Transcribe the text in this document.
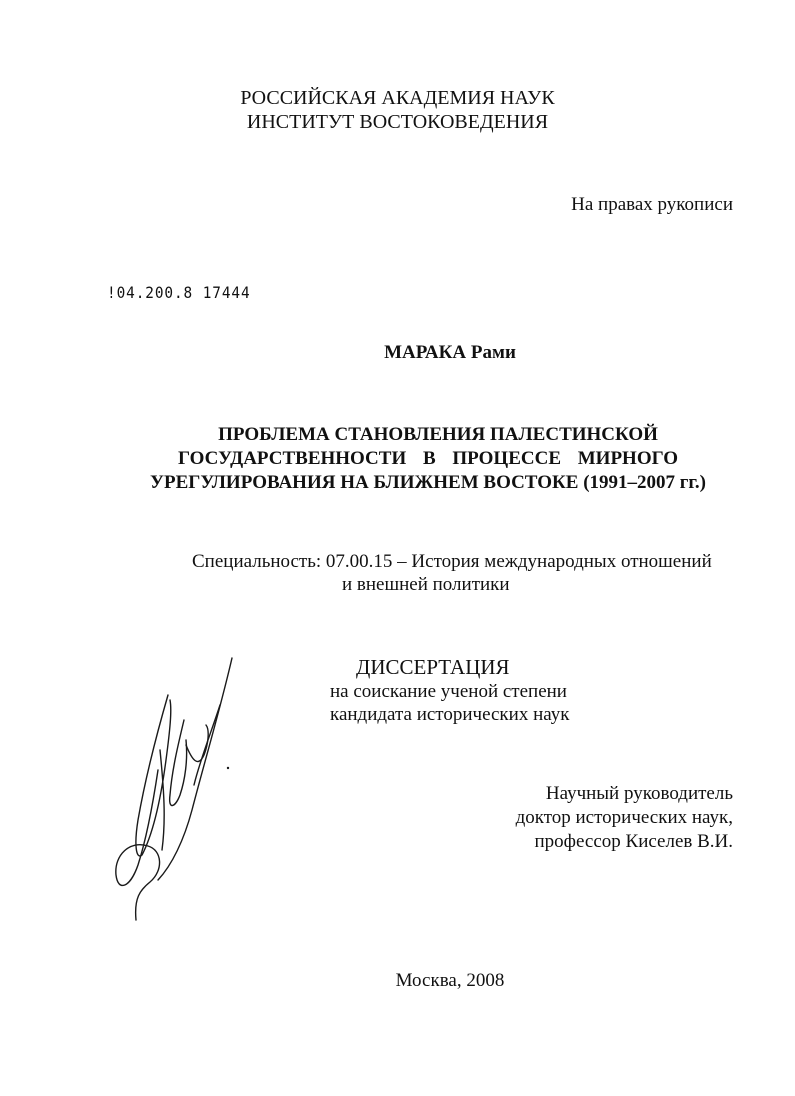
РОССИЙСКАЯ АКАДЕМИЯ НАУК
ИНСТИТУТ ВОСТОКОВЕДЕНИЯ
На правах рукописи
!04.200.8 17444
МАРАКА Рами
ПРОБЛЕМА СТАНОВЛЕНИЯ ПАЛЕСТИНСКОЙ
ГОСУДАРСТВЕННОСТИ В ПРОЦЕССЕ МИРНОГО
УРЕГУЛИРОВАНИЯ НА БЛИЖНЕМ ВОСТОКЕ (1991–2007 гг.)
Специальность: 07.00.15 – История международных отношений
и внешней политики
ДИССЕРТАЦИЯ
на соискание ученой степени
кандидата исторических наук
Научный руководитель
доктор исторических наук,
профессор Киселев В.И.
Москва, 2008
